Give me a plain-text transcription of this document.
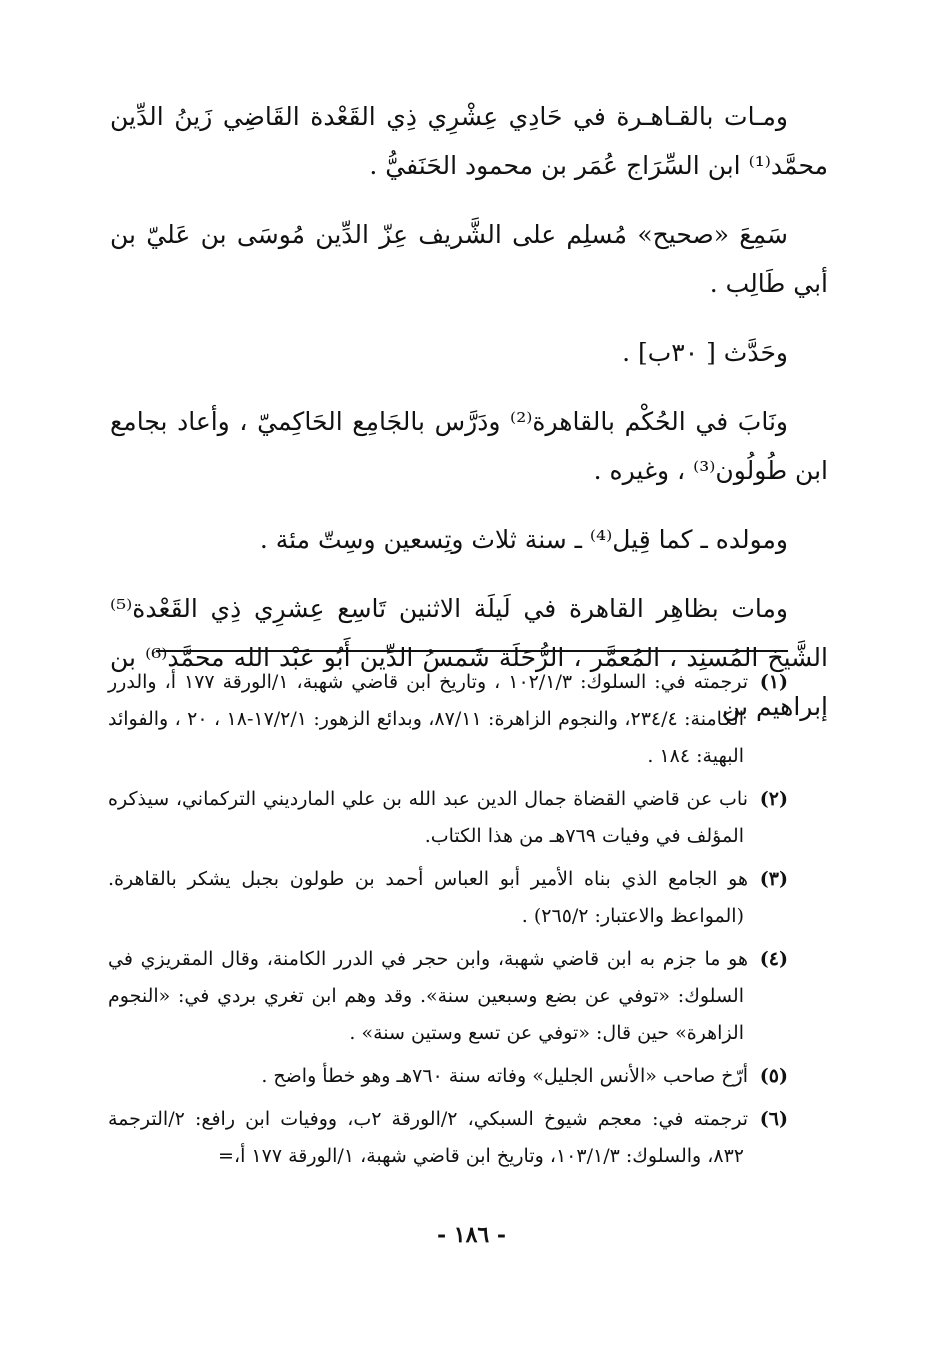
ومـات بالقـاهـرة في حَادِي عِشْرِي ذِي القَعْدة القَاضِي زَينُ الدِّين محمَّد⁽¹⁾ ابن السِّرَاج عُمَر بن محمود الحَنَفيُّ .

سَمِعَ «صحيح» مُسلِم على الشَّريف عِزّ الدِّين مُوسَى بن عَليّ بن أبي طَالِب .

وحَدَّث [ ٣٠ب] .

ونَابَ في الحُكْم بالقاهرة⁽²⁾ ودَرَّس بالجَامِع الحَاكِميّ ، وأعاد بجامع ابن طُولُون⁽³⁾ ، وغيره .

ومولده ـ كما قِيل⁽⁴⁾ ـ سنة ثلاث وتِسعين وسِتّ مئة .

ومات بظاهِر القاهرة في لَيلَة الاثنين تَاسِع عِشرِي ذِي القَعْدة⁽⁵⁾ الشَّيخ المُسنِد ، المُعمَّر ، الرُّحَلَة شَمسُ الدِّين أَبُو عَبْد الله محمَّد⁽⁶⁾ بن إبراهيم بن

(١)ترجمته في: السلوك: ١٠٢/١/٣ ، وتاريخ ابن قاضي شهبة، ١/الورقة ١٧٧ أ، والدرر الكامنة: ٢٣٤/٤، والنجوم الزاهرة: ٨٧/١١، وبدائع الزهور: ١٧/٢/١-١٨ ، ٢٠ ، والفوائد البهية: ١٨٤ .

(٢)ناب عن قاضي القضاة جمال الدين عبد الله بن علي المارديني التركماني، سيذكره المؤلف في وفيات ٧٦٩هـ من هذا الكتاب.

(٣)هو الجامع الذي بناه الأمير أبو العباس أحمد بن طولون بجبل يشكر بالقاهرة. (المواعظ والاعتبار: ٢٦٥/٢) .

(٤)هو ما جزم به ابن قاضي شهبة، وابن حجر في الدرر الكامنة، وقال المقريزي في السلوك: «توفي عن بضع وسبعين سنة». وقد وهم ابن تغري بردي في: «النجوم الزاهرة» حين قال: «توفي عن تسع وستين سنة» .

(٥)أرّخ صاحب «الأنس الجليل» وفاته سنة ٧٦٠هـ وهو خطأ واضح .

(٦)ترجمته في: معجم شيوخ السبكي، ٢/الورقة ٢ب، ووفيات ابن رافع: ٢/الترجمة ٨٣٢، والسلوك: ١٠٣/١/٣، وتاريخ ابن قاضي شهبة، ١/الورقة ١٧٧ أ،=

- ١٨٦ -
